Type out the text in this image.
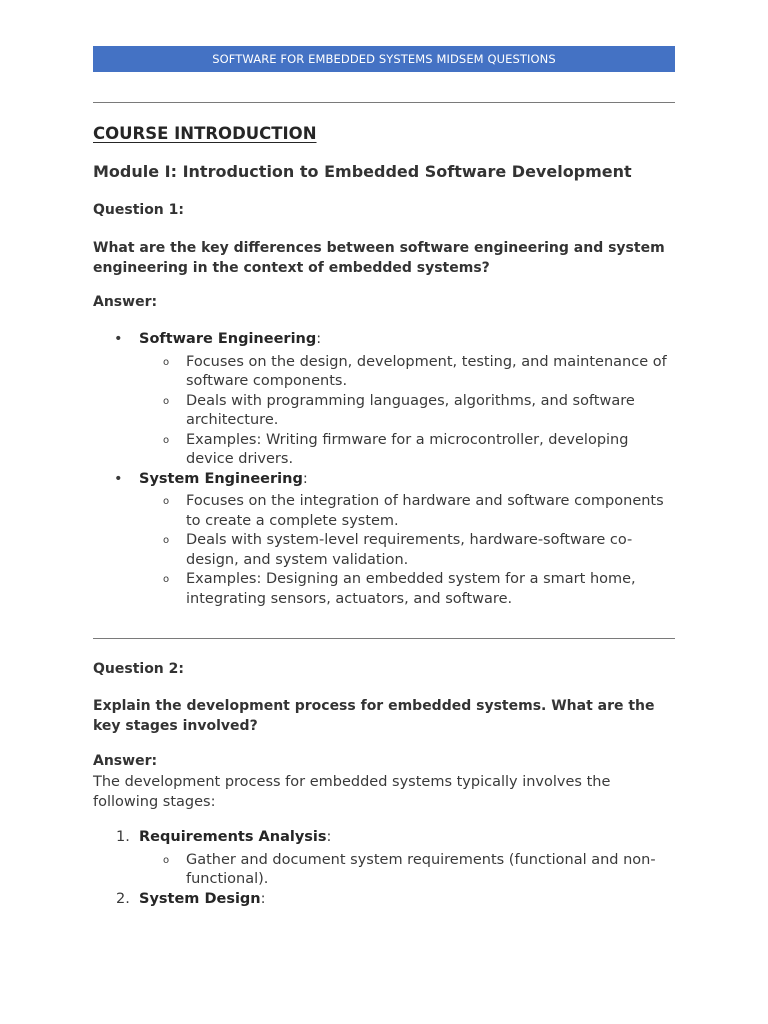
SOFTWARE FOR EMBEDDED SYSTEMS MIDSEM QUESTIONS
COURSE INTRODUCTION
Module I: Introduction to Embedded Software Development
Question 1:
What are the key differences between software engineering and system engineering in the context of embedded systems?
Answer:
• Software Engineering:
o Focuses on the design, development, testing, and maintenance of software components.
o Deals with programming languages, algorithms, and software architecture.
o Examples: Writing firmware for a microcontroller, developing device drivers.
• System Engineering:
o Focuses on the integration of hardware and software components to create a complete system.
o Deals with system-level requirements, hardware-software co-design, and system validation.
o Examples: Designing an embedded system for a smart home, integrating sensors, actuators, and software.
Question 2:
Explain the development process for embedded systems. What are the key stages involved?
Answer:
The development process for embedded systems typically involves the following stages:
1. Requirements Analysis:
o Gather and document system requirements (functional and non-functional).
2. System Design:
